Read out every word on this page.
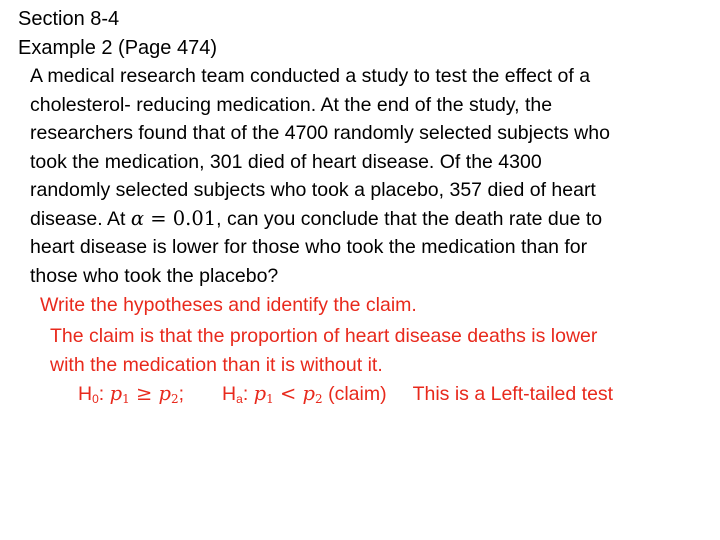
Section 8-4
Example 2 (Page 474)
A medical research team conducted a study to test the effect of a
cholesterol- reducing medication. At the end of the study, the
researchers found that of the 4700 randomly selected subjects who
took the medication, 301 died of heart disease. Of the 4300
randomly selected subjects who took a placebo, 357 died of heart
disease. At α = 0.01, can you conclude that the death rate due to
heart disease is lower for those who took the medication than for
those who took the placebo?
Write the hypotheses and identify the claim.
The claim is that the proportion of heart disease deaths is lower
with the medication than it is without it.
$H_0$: $p_1 \ge p_2$; $H_a$: $p_1 < p_2$ (claim) This is a Left-tailed test
